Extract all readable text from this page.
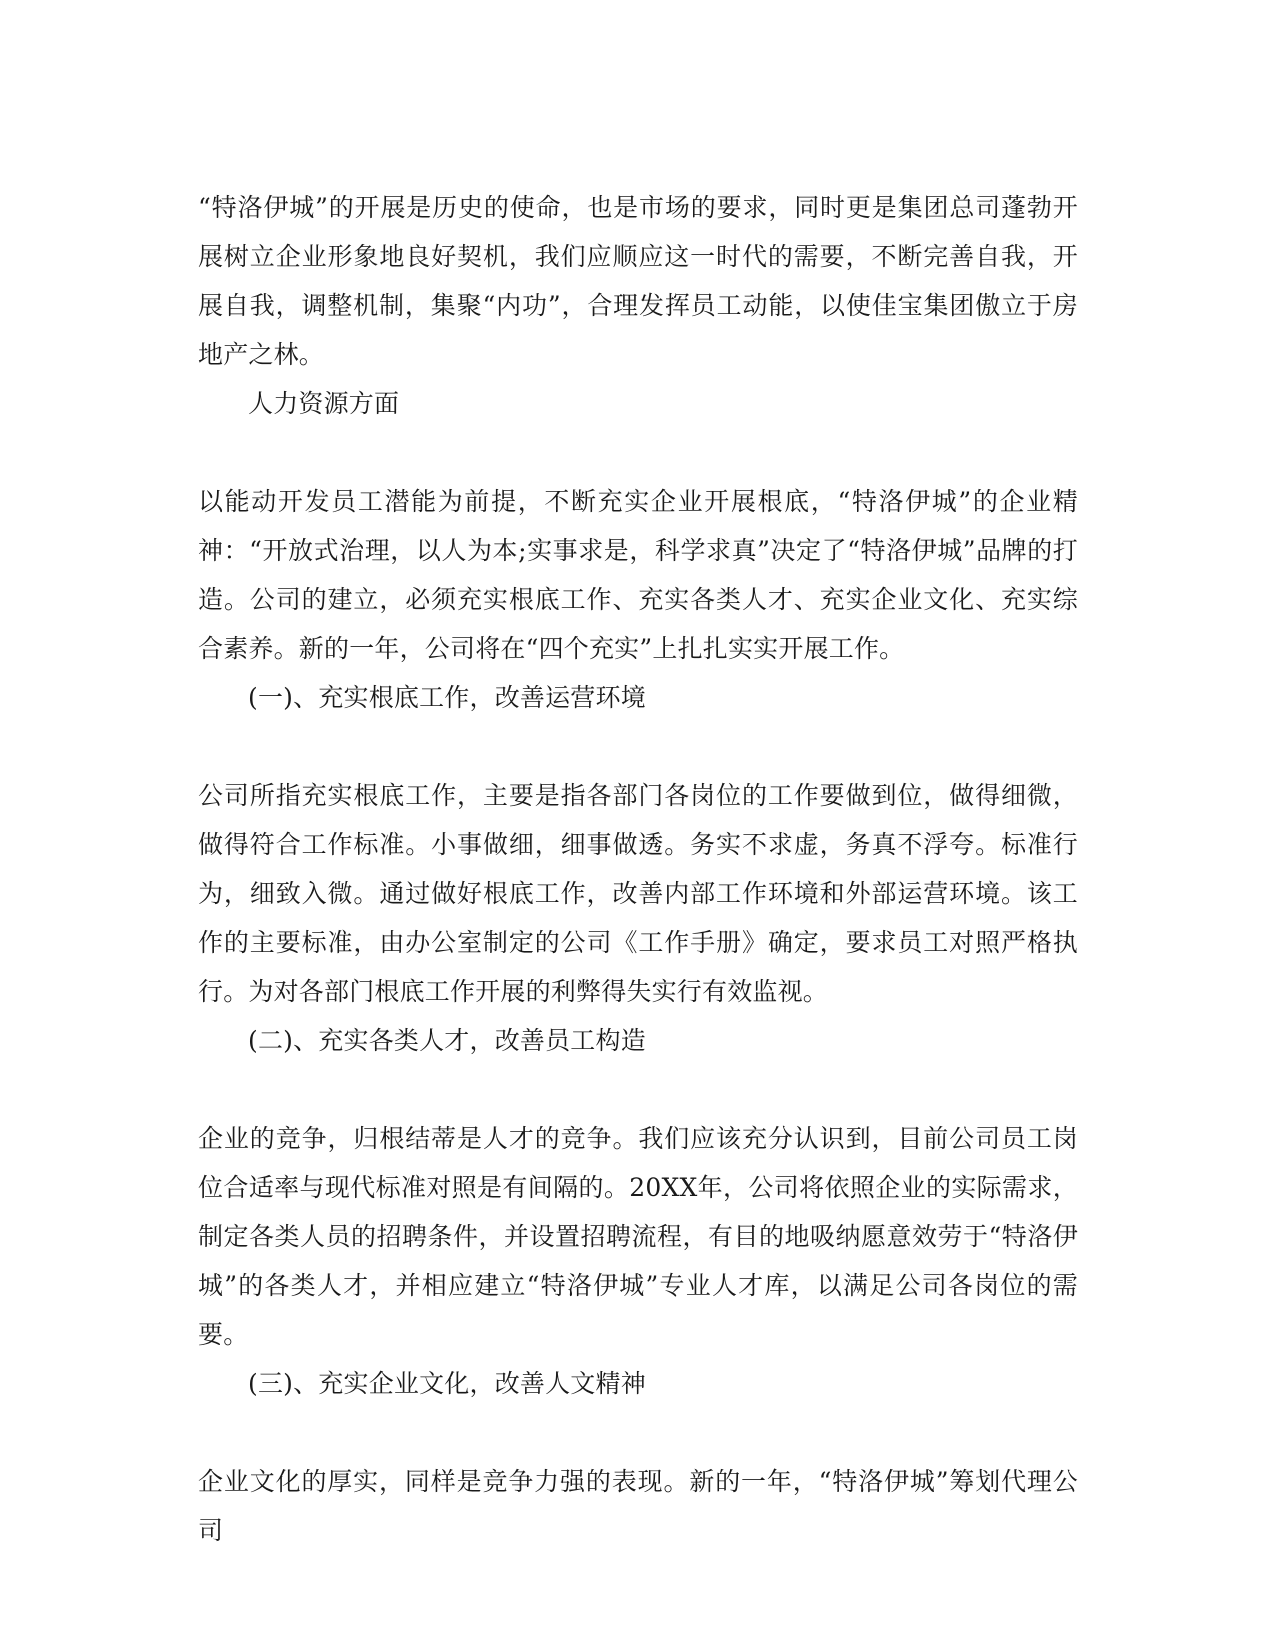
“特洛伊城”的开展是历史的使命，也是市场的要求，同时更是集团总司蓬勃开展树立企业形象地良好契机，我们应顺应这一时代的需要，不断完善自我，开展自我，调整机制，集聚“内功”，合理发挥员工动能，以使佳宝集团傲立于房地产之林。

人力资源方面

以能动开发员工潜能为前提，不断充实企业开展根底，“特洛伊城”的企业精神：“开放式治理，以人为本;实事求是，科学求真”决定了“特洛伊城”品牌的打造。公司的建立，必须充实根底工作、充实各类人才、充实企业文化、充实综合素养。新的一年，公司将在“四个充实”上扎扎实实开展工作。

(一)、充实根底工作，改善运营环境

公司所指充实根底工作，主要是指各部门各岗位的工作要做到位，做得细微，做得符合工作标准。小事做细，细事做透。务实不求虚，务真不浮夸。标准行为，细致入微。通过做好根底工作，改善内部工作环境和外部运营环境。该工作的主要标准，由办公室制定的公司《工作手册》确定，要求员工对照严格执行。为对各部门根底工作开展的利弊得失实行有效监视。

(二)、充实各类人才，改善员工构造

企业的竞争，归根结蒂是人才的竞争。我们应该充分认识到，目前公司员工岗位合适率与现代标准对照是有间隔的。20XX年，公司将依照企业的实际需求，制定各类人员的招聘条件，并设置招聘流程，有目的地吸纳愿意效劳于“特洛伊城”的各类人才，并相应建立“特洛伊城”专业人才库，以满足公司各岗位的需要。

(三)、充实企业文化，改善人文精神

企业文化的厚实，同样是竞争力强的表现。新的一年，“特洛伊城”筹划代理公司
